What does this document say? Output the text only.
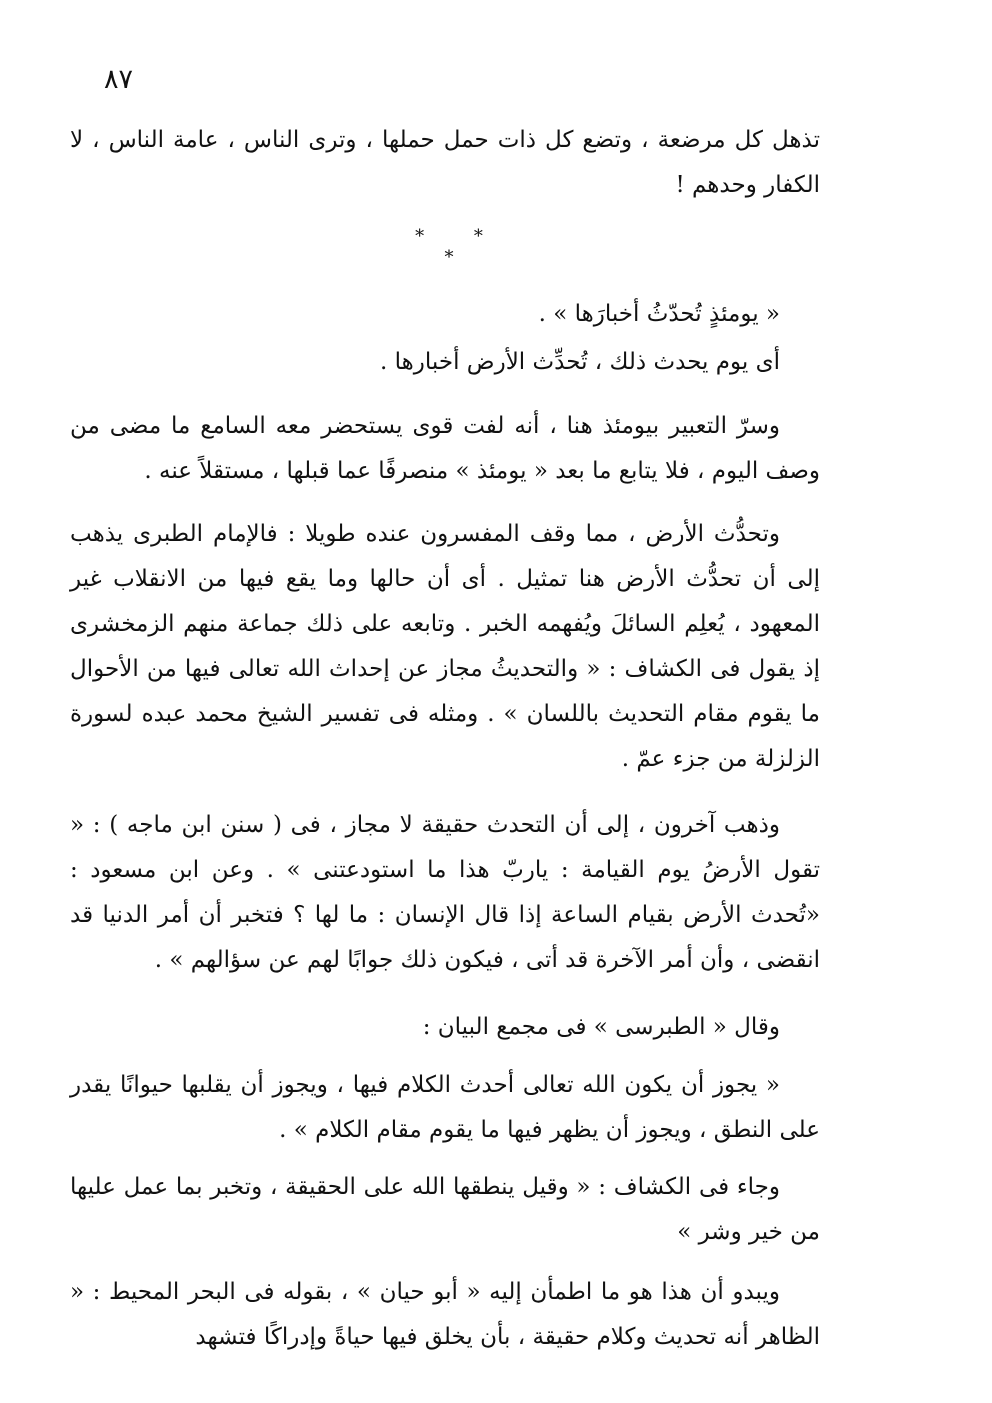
٨٧

تذهل كل مرضعة ، وتضع كل ذات حمل حملها ، وترى الناس ، عامة الناس ، لا الكفار وحدهم !

* * *

« يومئذٍ تُحدّثُ أخبارَها » .

أى يوم يحدث ذلك ، تُحدِّث الأرض أخبارها .

وسرّ التعبير بيومئذ هنا ، أنه لفت قوى يستحضر معه السامع ما مضى من وصف اليوم ، فلا يتابع ما بعد « يومئذ » منصرفًا عما قبلها ، مستقلاً عنه .

وتحدُّث الأرض ، مما وقف المفسرون عنده طويلا : فالإمام الطبرى يذهب إلى أن تحدُّث الأرض هنا تمثيل . أى أن حالها وما يقع فيها من الانقلاب غير المعهود ، يُعلِم السائلَ ويُفهمه الخبر . وتابعه على ذلك جماعة منهم الزمخشرى إذ يقول فى الكشاف : « والتحديثُ مجاز عن إحداث الله تعالى فيها من الأحوال ما يقوم مقام التحديث باللسان » . ومثله فى تفسير الشيخ محمد عبده لسورة الزلزلة من جزء عمّ .

وذهب آخرون ، إلى أن التحدث حقيقة لا مجاز ، فى ( سنن ابن ماجه ) : « تقول الأرضُ يوم القيامة : ياربّ هذا ما استودعتنى » . وعن ابن مسعود : «تُحدث الأرض بقيام الساعة إذا قال الإنسان : ما لها ؟ فتخبر أن أمر الدنيا قد انقضى ، وأن أمر الآخرة قد أتى ، فيكون ذلك جوابًا لهم عن سؤالهم » .

وقال « الطبرسى » فى مجمع البيان :

« يجوز أن يكون الله تعالى أحدث الكلام فيها ، ويجوز أن يقلبها حيوانًا يقدر على النطق ، ويجوز أن يظهر فيها ما يقوم مقام الكلام » .

وجاء فى الكشاف : « وقيل ينطقها الله على الحقيقة ، وتخبر بما عمل عليها من خير وشر »

ويبدو أن هذا هو ما اطمأن إليه « أبو حيان » ، بقوله فى البحر المحيط : « الظاهر أنه تحديث وكلام حقيقة ، بأن يخلق فيها حياةً وإدراكًا فتشهد
